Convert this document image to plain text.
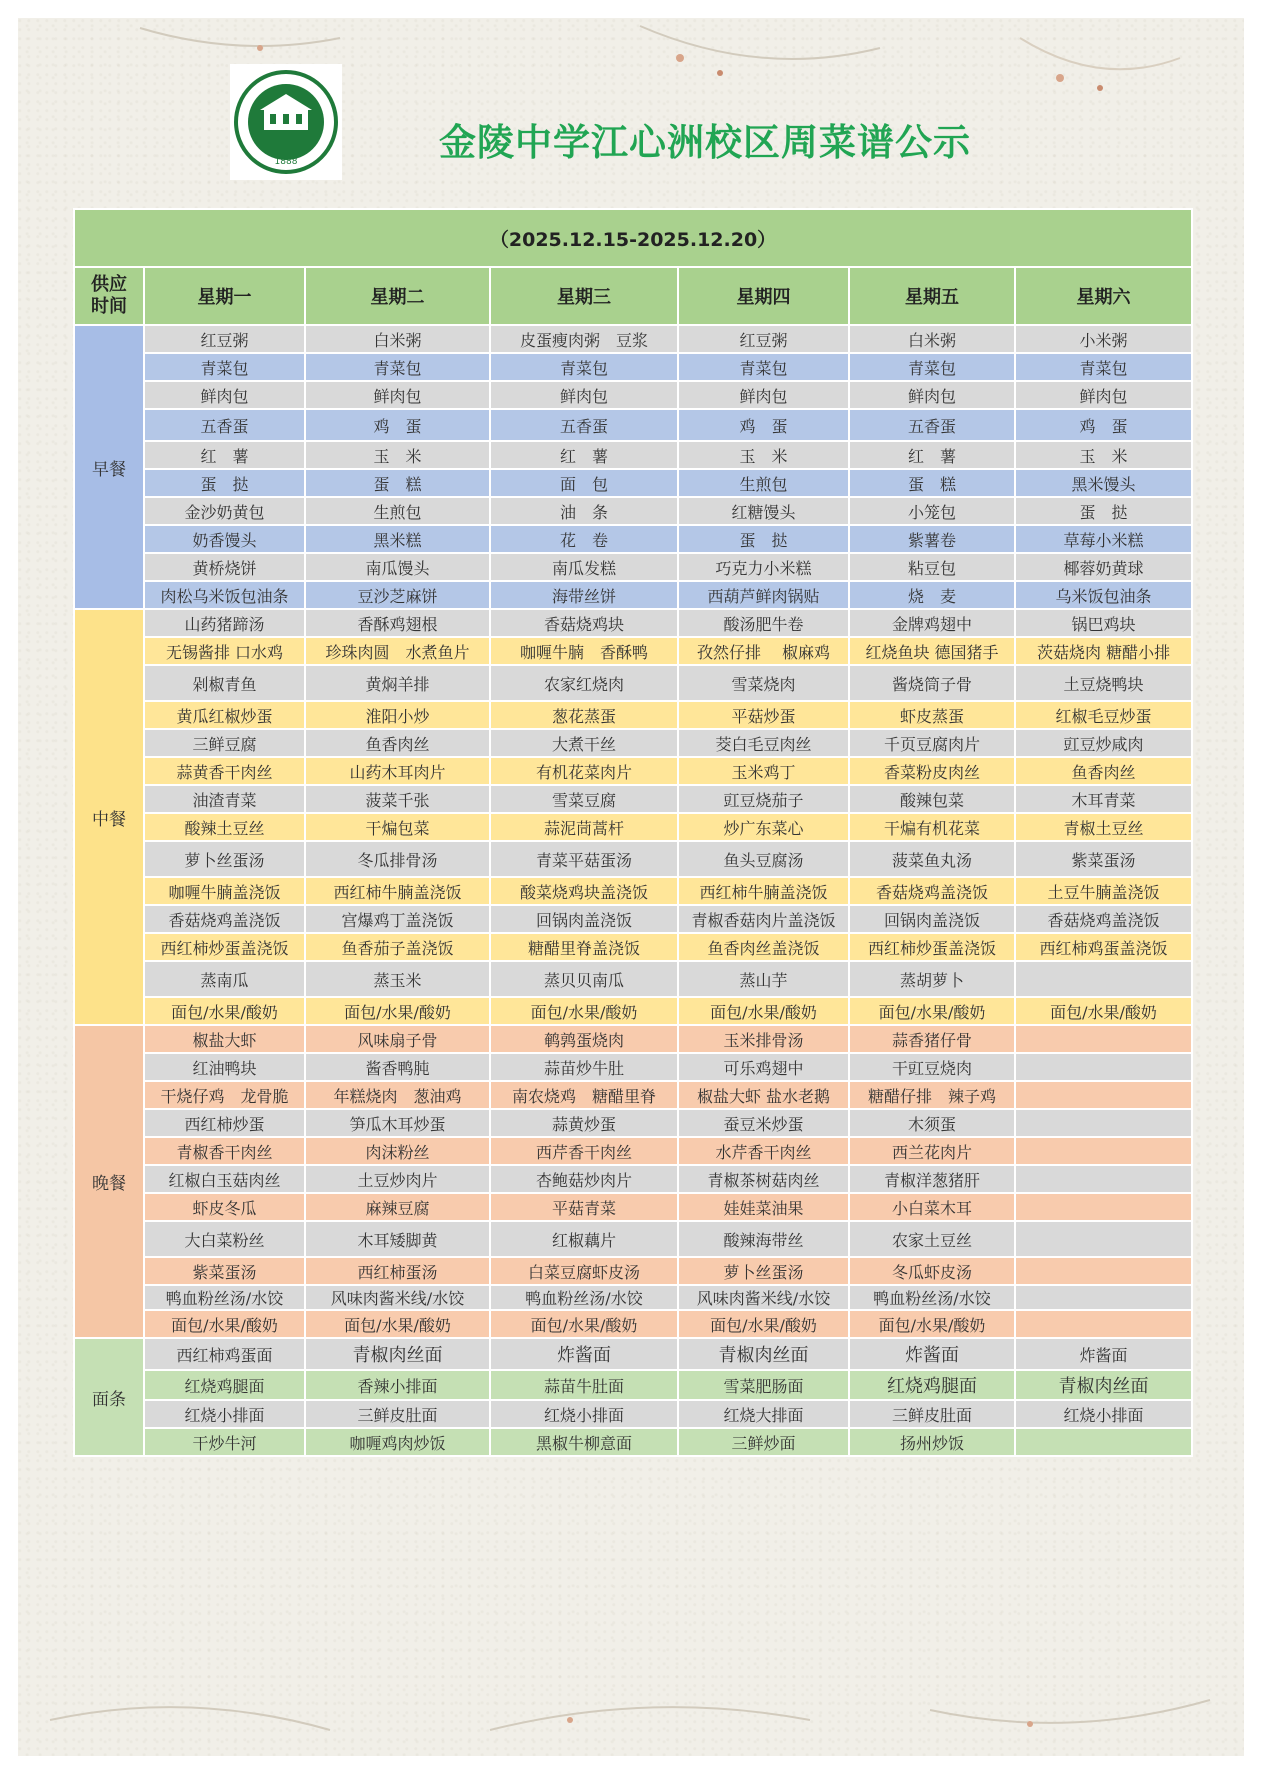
1888	金陵中学江心洲校区周菜谱公示
（2025.12.15-2025.12.20）						
供应
时间	星期一	星期二	星期三	星期四	星期五	星期六
早餐	红豆粥	白米粥	皮蛋瘦肉粥　豆浆	红豆粥	白米粥	小米粥
	青菜包	青菜包	青菜包	青菜包	青菜包	青菜包
	鲜肉包	鲜肉包	鲜肉包	鲜肉包	鲜肉包	鲜肉包
	五香蛋	鸡　蛋	五香蛋	鸡　蛋	五香蛋	鸡　蛋
	红　薯	玉　米	红　薯	玉　米	红　薯	玉　米
	蛋　挞	蛋　糕	面　包	生煎包	蛋　糕	黑米馒头
	金沙奶黄包	生煎包	油　条	红糖馒头	小笼包	蛋　挞
	奶香馒头	黑米糕	花　卷	蛋　挞	紫薯卷	草莓小米糕
	黄桥烧饼	南瓜馒头	南瓜发糕	巧克力小米糕	粘豆包	椰蓉奶黄球
	肉松乌米饭包油条	豆沙芝麻饼	海带丝饼	西葫芦鲜肉锅贴	烧　麦	乌米饭包油条
中餐	山药猪蹄汤	香酥鸡翅根	香菇烧鸡块	酸汤肥牛卷	金牌鸡翅中	锅巴鸡块
	无锡酱排 口水鸡	珍珠肉圆　水煮鱼片	咖喱牛腩　香酥鸭	孜然仔排　 椒麻鸡	红烧鱼块 德国猪手	茨菇烧肉 糖醋小排
	剁椒青鱼	黄焖羊排	农家红烧肉	雪菜烧肉	酱烧筒子骨	土豆烧鸭块
	黄瓜红椒炒蛋	淮阳小炒	葱花蒸蛋	平菇炒蛋	虾皮蒸蛋	红椒毛豆炒蛋
	三鲜豆腐	鱼香肉丝	大煮干丝	茭白毛豆肉丝	千页豆腐肉片	豇豆炒咸肉
	蒜黄香干肉丝	山药木耳肉片	有机花菜肉片	玉米鸡丁	香菜粉皮肉丝	鱼香肉丝
	油渣青菜	菠菜千张	雪菜豆腐	豇豆烧茄子	酸辣包菜	木耳青菜
	酸辣土豆丝	干煸包菜	蒜泥茼蒿杆	炒广东菜心	干煸有机花菜	青椒土豆丝
	萝卜丝蛋汤	冬瓜排骨汤	青菜平菇蛋汤	鱼头豆腐汤	菠菜鱼丸汤	紫菜蛋汤
	咖喱牛腩盖浇饭	西红柿牛腩盖浇饭	酸菜烧鸡块盖浇饭	西红柿牛腩盖浇饭	香菇烧鸡盖浇饭	土豆牛腩盖浇饭
	香菇烧鸡盖浇饭	宫爆鸡丁盖浇饭	回锅肉盖浇饭	青椒香菇肉片盖浇饭	回锅肉盖浇饭	香菇烧鸡盖浇饭
	西红柿炒蛋盖浇饭	鱼香茄子盖浇饭	糖醋里脊盖浇饭	鱼香肉丝盖浇饭	西红柿炒蛋盖浇饭	西红柿鸡蛋盖浇饭
	蒸南瓜	蒸玉米	蒸贝贝南瓜	蒸山芋	蒸胡萝卜	
	面包/水果/酸奶	面包/水果/酸奶	面包/水果/酸奶	面包/水果/酸奶	面包/水果/酸奶	面包/水果/酸奶
晚餐	椒盐大虾	风味扇子骨	鹌鹑蛋烧肉	玉米排骨汤	蒜香猪仔骨	
	红油鸭块	酱香鸭肫	蒜苗炒牛肚	可乐鸡翅中	干豇豆烧肉	
	干烧仔鸡　龙骨脆	年糕烧肉　葱油鸡	南农烧鸡　糖醋里脊	椒盐大虾 盐水老鹅	糖醋仔排　辣子鸡	
	西红柿炒蛋	笋瓜木耳炒蛋	蒜黄炒蛋	蚕豆米炒蛋	木须蛋	
	青椒香干肉丝	肉沫粉丝	西芹香干肉丝	水芹香干肉丝	西兰花肉片	
	红椒白玉菇肉丝	土豆炒肉片	杏鲍菇炒肉片	青椒茶树菇肉丝	青椒洋葱猪肝	
	虾皮冬瓜	麻辣豆腐	平菇青菜	娃娃菜油果	小白菜木耳	
	大白菜粉丝	木耳矮脚黄	红椒藕片	酸辣海带丝	农家土豆丝	
	紫菜蛋汤	西红柿蛋汤	白菜豆腐虾皮汤	萝卜丝蛋汤	冬瓜虾皮汤	
	鸭血粉丝汤/水饺	风味肉酱米线/水饺	鸭血粉丝汤/水饺	风味肉酱米线/水饺	鸭血粉丝汤/水饺	
	面包/水果/酸奶	面包/水果/酸奶	面包/水果/酸奶	面包/水果/酸奶	面包/水果/酸奶	
面条	西红柿鸡蛋面	青椒肉丝面	炸酱面	青椒肉丝面	炸酱面	炸酱面
	红烧鸡腿面	香辣小排面	蒜苗牛肚面	雪菜肥肠面	红烧鸡腿面	青椒肉丝面
	红烧小排面	三鲜皮肚面	红烧小排面	红烧大排面	三鲜皮肚面	红烧小排面
	干炒牛河	咖喱鸡肉炒饭	黑椒牛柳意面	三鲜炒面	扬州炒饭	
